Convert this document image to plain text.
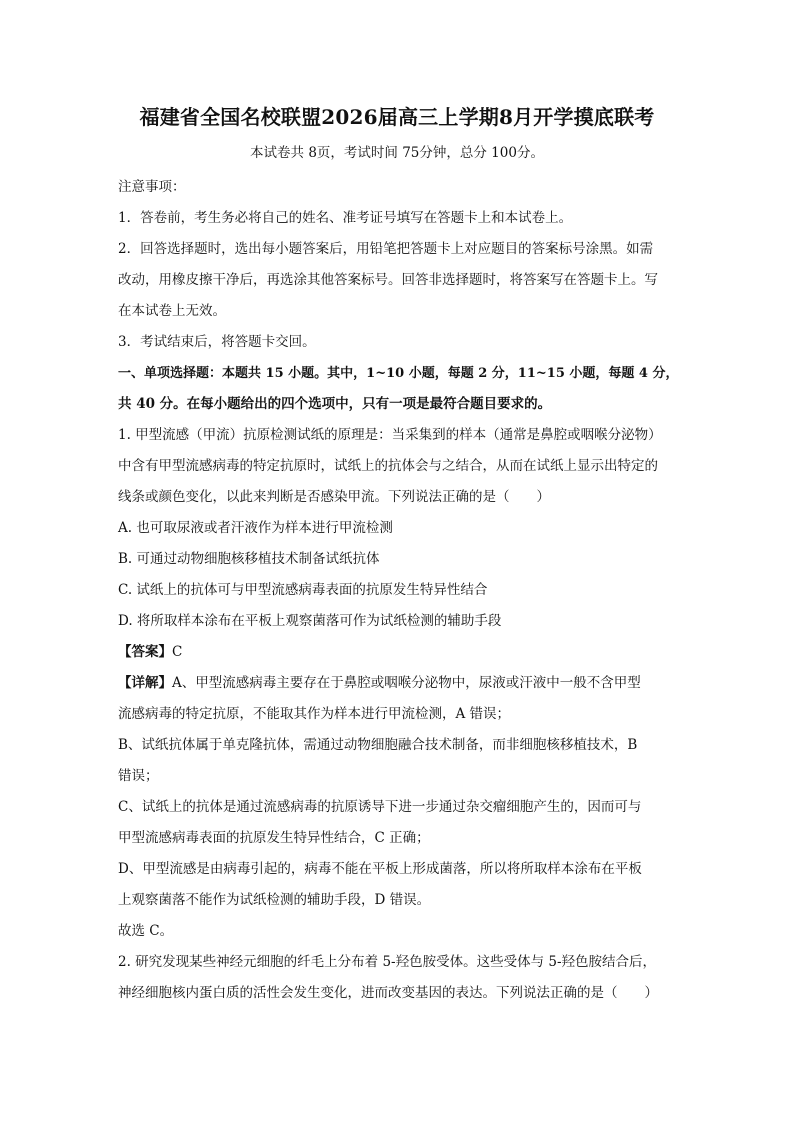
福建省全国名校联盟2026届高三上学期8月开学摸底联考
本试卷共 8页，考试时间 75分钟，总分 100分。
注意事项：
1．答卷前，考生务必将自己的姓名、准考证号填写在答题卡上和本试卷上。
2．回答选择题时，选出每小题答案后，用铅笔把答题卡上对应题目的答案标号涂黑。如需
改动，用橡皮擦干净后，再选涂其他答案标号。回答非选择题时，将答案写在答题卡上。写
在本试卷上无效。
3．考试结束后，将答题卡交回。
一、单项选择题：本题共 15 小题。其中，1~10 小题，每题 2 分，11~15 小题，每题 4 分，
共 40 分。在每小题给出的四个选项中，只有一项是最符合题目要求的。
1. 甲型流感（甲流）抗原检测试纸的原理是：当采集到的样本（通常是鼻腔或咽喉分泌物）
中含有甲型流感病毒的特定抗原时，试纸上的抗体会与之结合，从而在试纸上显示出特定的
线条或颜色变化，以此来判断是否感染甲流。下列说法正确的是（　　）
A. 也可取尿液或者汗液作为样本进行甲流检测
B. 可通过动物细胞核移植技术制备试纸抗体
C. 试纸上的抗体可与甲型流感病毒表面的抗原发生特异性结合
D. 将所取样本涂布在平板上观察菌落可作为试纸检测的辅助手段
【答案】C
【详解】A、甲型流感病毒主要存在于鼻腔或咽喉分泌物中，尿液或汗液中一般不含甲型
流感病毒的特定抗原，不能取其作为样本进行甲流检测，A 错误；
B、试纸抗体属于单克隆抗体，需通过动物细胞融合技术制备，而非细胞核移植技术，B
错误；
C、试纸上的抗体是通过流感病毒的抗原诱导下进一步通过杂交瘤细胞产生的，因而可与
甲型流感病毒表面的抗原发生特异性结合，C 正确；
D、甲型流感是由病毒引起的，病毒不能在平板上形成菌落，所以将所取样本涂布在平板
上观察菌落不能作为试纸检测的辅助手段，D 错误。
故选 C。
2. 研究发现某些神经元细胞的纤毛上分布着 5-羟色胺受体。这些受体与 5-羟色胺结合后，
神经细胞核内蛋白质的活性会发生变化，进而改变基因的表达。下列说法正确的是（　　）
